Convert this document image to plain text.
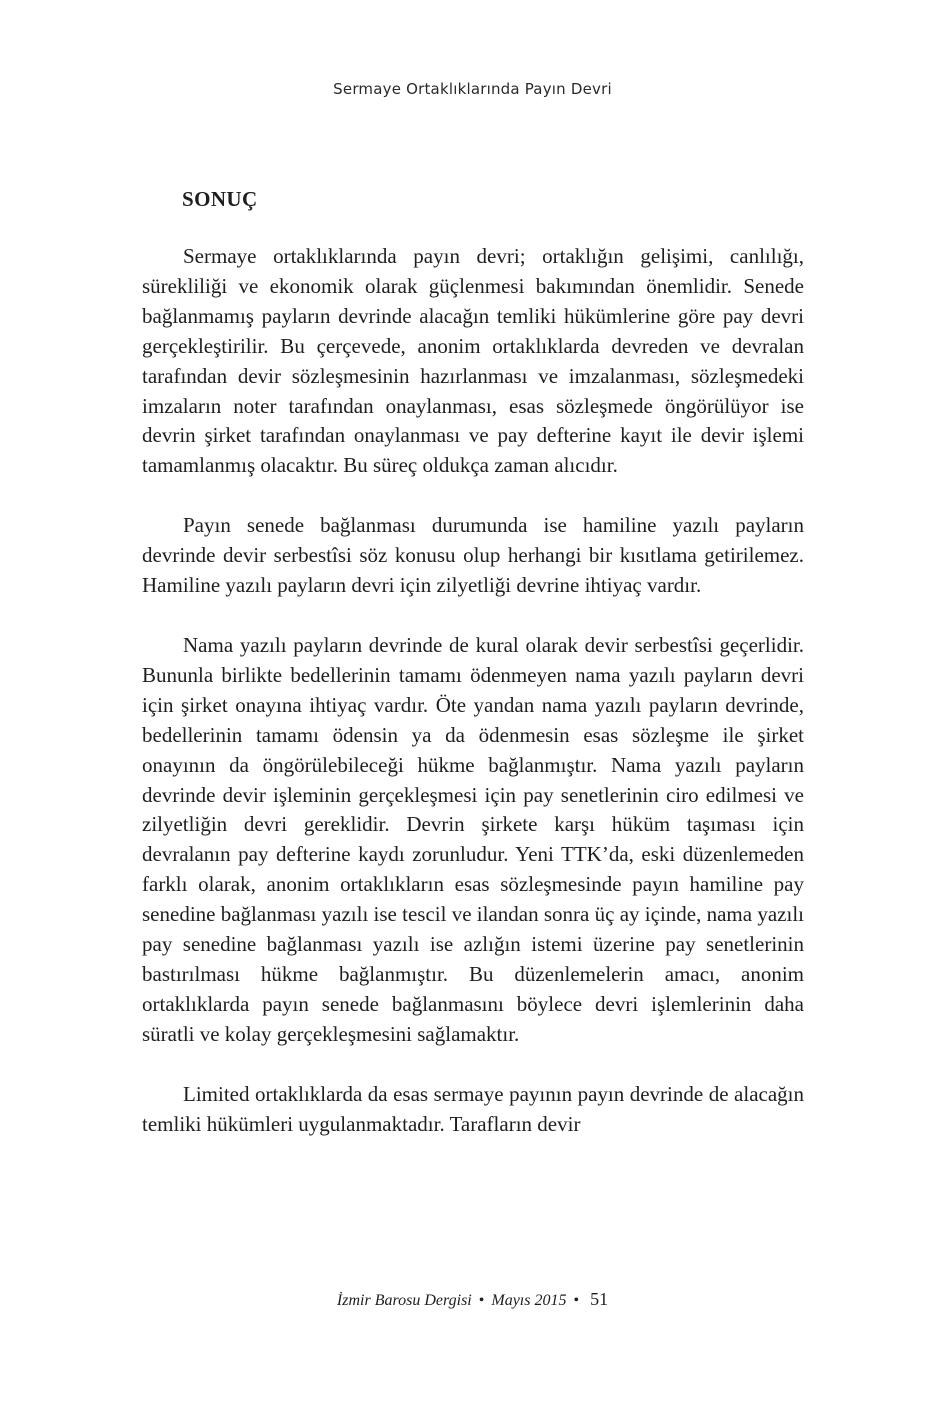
Sermaye Ortaklıklarında Payın Devri
SONUÇ

Sermaye ortaklıklarında payın devri; ortaklığın gelişimi, canlılığı, sürekliliği ve ekonomik olarak güçlenmesi bakımından önemlidir. Senede bağlanmamış payların devrinde alacağın temliki hükümlerine göre pay devri gerçekleştirilir. Bu çerçevede, anonim ortaklıklarda devreden ve devralan tarafından devir sözleşmesinin hazırlanması ve imzalanması, sözleşmedeki imzaların noter tarafından onaylanması, esas sözleşmede öngörülüyor ise devrin şirket tarafından onaylanması ve pay defterine kayıt ile devir işlemi tamamlanmış olacaktır. Bu süreç oldukça zaman alıcıdır.

Payın senede bağlanması durumunda ise hamiline yazılı payların devrinde devir serbestîsi söz konusu olup herhangi bir kısıtlama getirilemez. Hamiline yazılı payların devri için zilyetliği devrine ihtiyaç vardır.

Nama yazılı payların devrinde de kural olarak devir serbestîsi geçerlidir. Bununla birlikte bedellerinin tamamı ödenmeyen nama yazılı payların devri için şirket onayına ihtiyaç vardır. Öte yandan nama yazılı payların devrinde, bedellerinin tamamı ödensin ya da ödenmesin esas sözleşme ile şirket onayının da öngörülebileceği hükme bağlanmıştır. Nama yazılı payların devrinde devir işleminin gerçekleşmesi için pay senetlerinin ciro edilmesi ve zilyetliğin devri gereklidir. Devrin şirkete karşı hüküm taşıması için devralanın pay defterine kaydı zorunludur. Yeni TTK’da, eski düzenlemeden farklı olarak, anonim ortaklıkların esas sözleşmesinde payın hamiline pay senedine bağlanması yazılı ise tescil ve ilandan sonra üç ay içinde, nama yazılı pay senedine bağlanması yazılı ise azlığın istemi üzerine pay senetlerinin bastırılması hükme bağlanmıştır. Bu düzenlemelerin amacı, anonim ortaklıklarda payın senede bağlanmasını böylece devri işlemlerinin daha süratli ve kolay gerçekleşmesini sağlamaktır.

Limited ortaklıklarda da esas sermaye payının payın devrinde de alacağın temliki hükümleri uygulanmaktadır. Tarafların devir

İzmir Barosu Dergisi • Mayıs 2015 • 51
